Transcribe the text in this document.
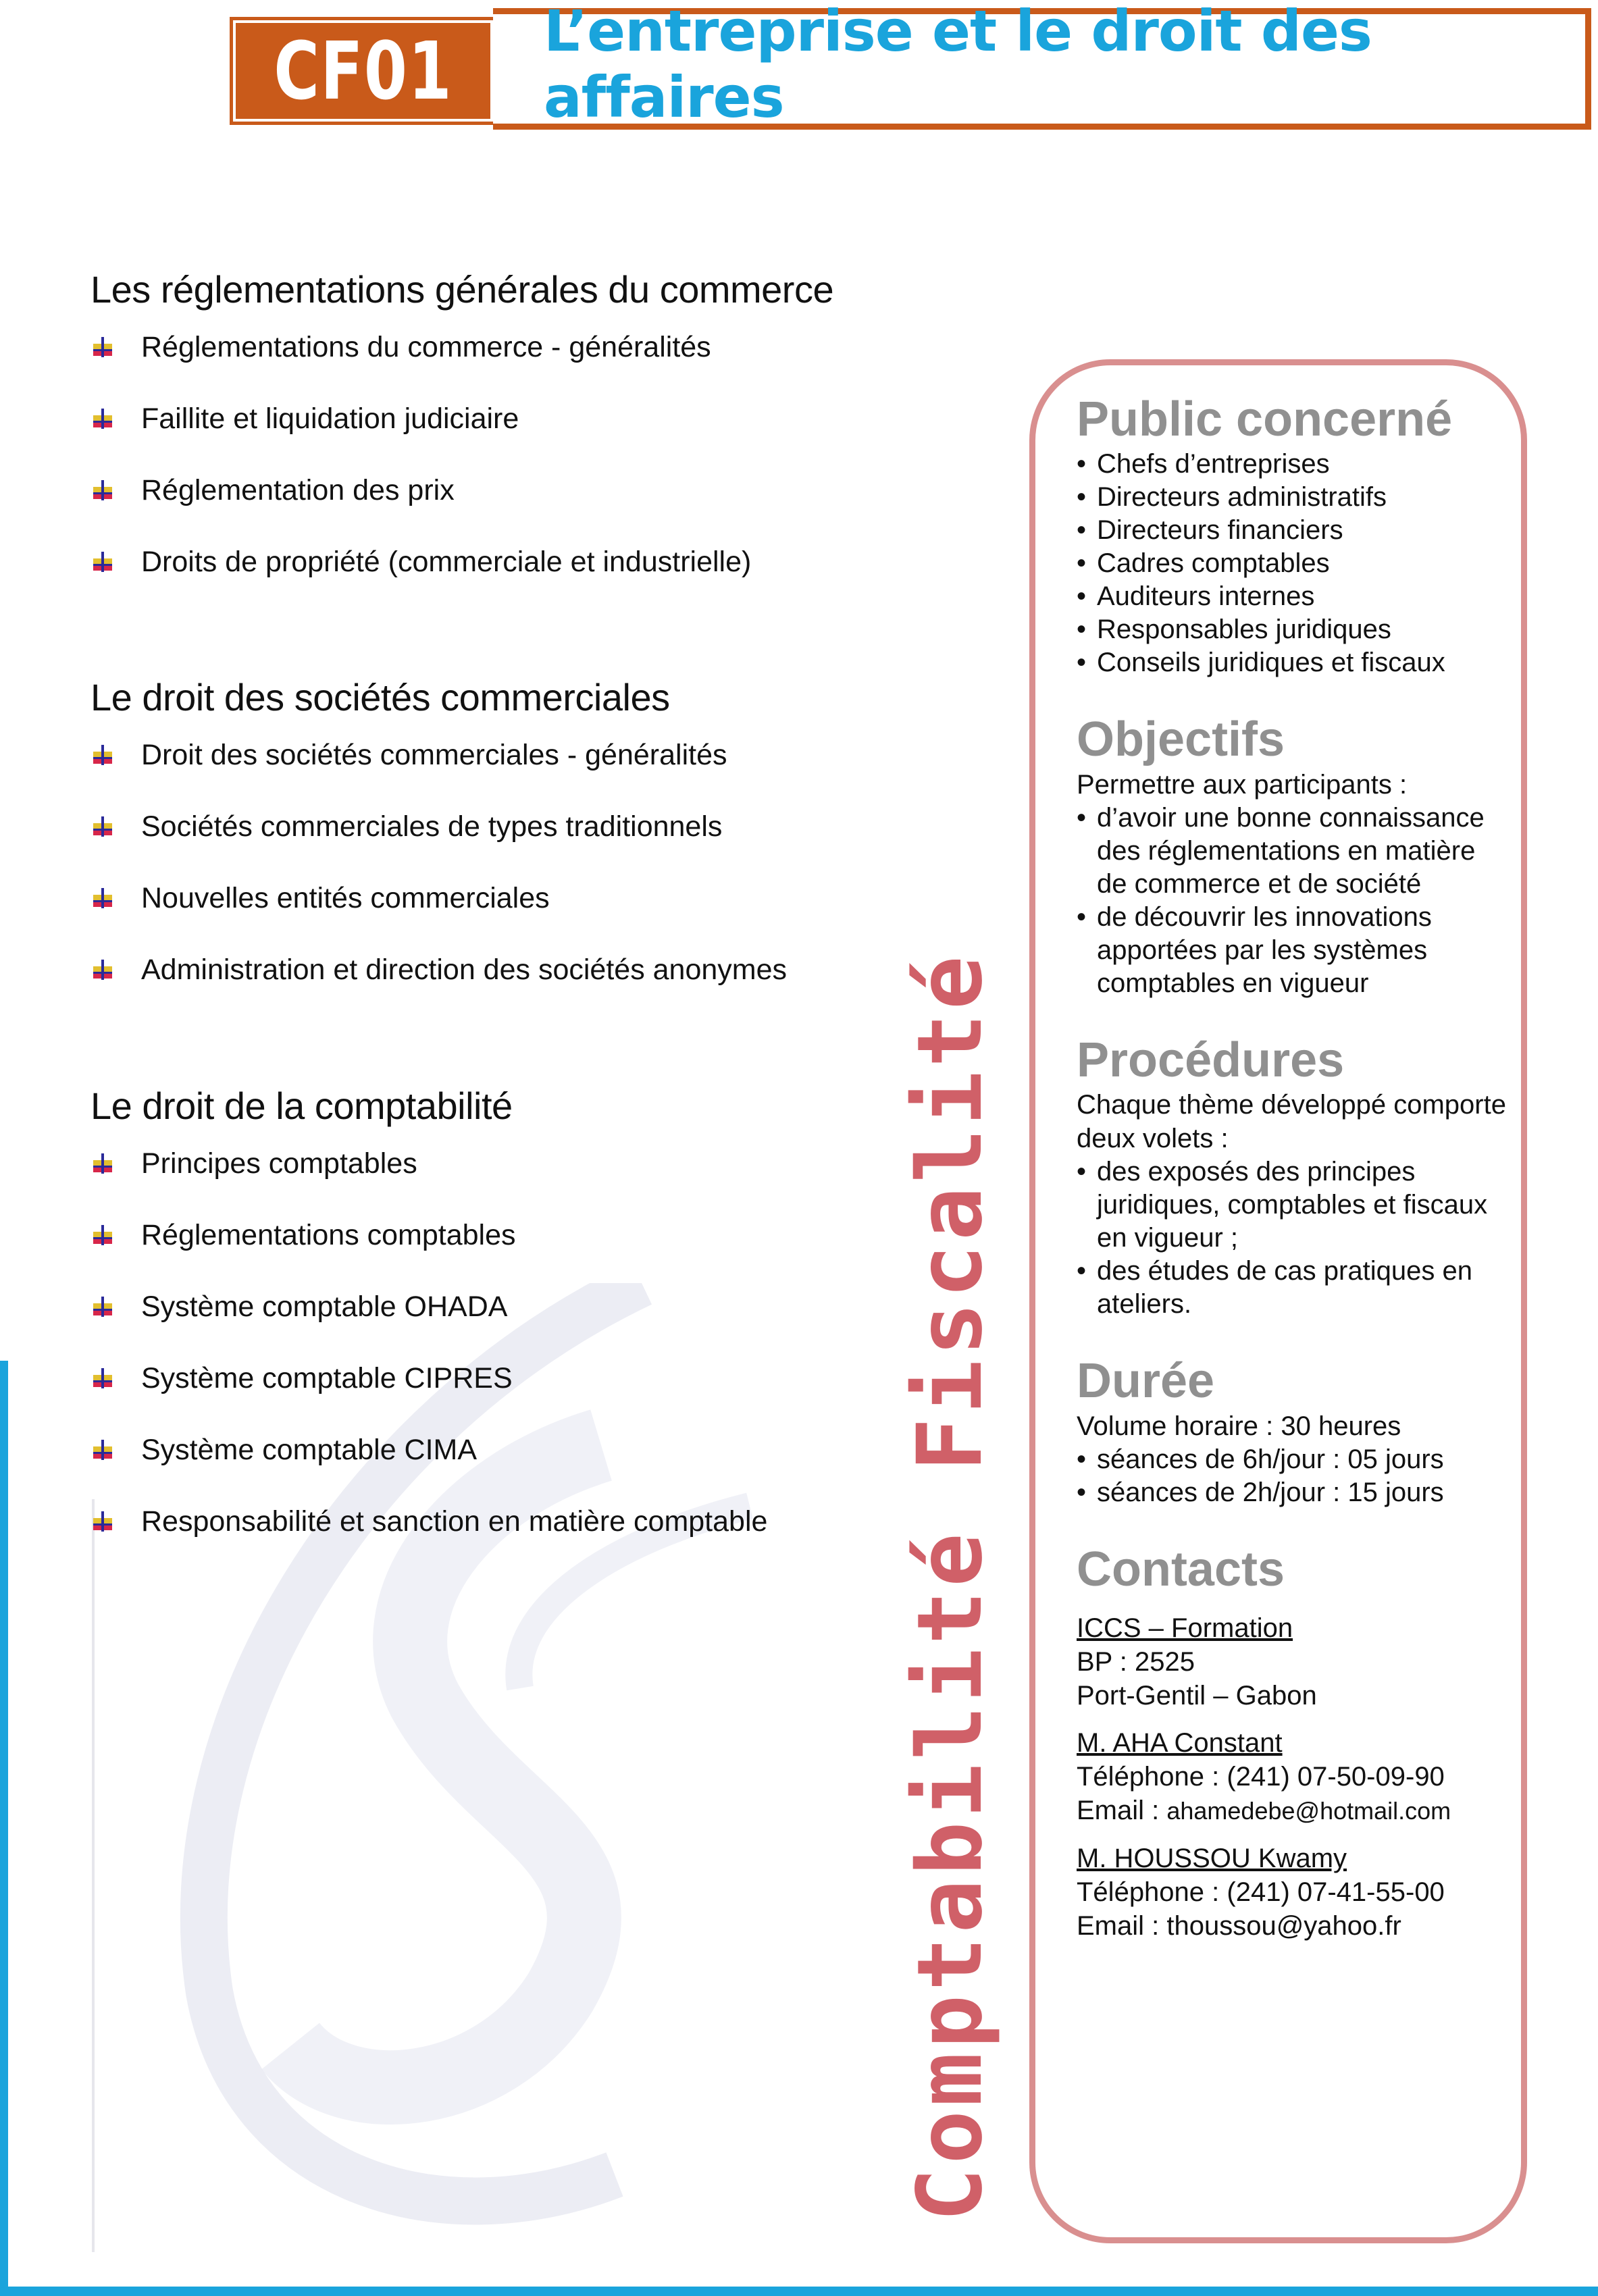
CF01 L’entreprise et le droit des affaires
Les réglementations générales du commerce
Réglementations du commerce - généralités
Faillite et liquidation judiciaire
Réglementation des prix
Droits de propriété (commerciale et industrielle)
Le droit des sociétés commerciales
Droit des sociétés commerciales - généralités
Sociétés commerciales de types traditionnels
Nouvelles entités commerciales
Administration et direction des sociétés anonymes
Le droit de la comptabilité
Principes comptables
Réglementations comptables
Système comptable OHADA
Système comptable CIPRES
Système comptable CIMA
Responsabilité et sanction en matière comptable	Comptabilité Fiscalité
Public concerné
• Chefs d’entreprises
• Directeurs administratifs
• Directeurs financiers
• Cadres comptables
• Auditeurs internes
• Responsables juridiques
• Conseils juridiques et fiscaux
Objectifs

Permettre aux participants :

• d’avoir une bonne connaissance des réglementations en matière de commerce et de société
• de découvrir les innovations apportées par les systèmes comptables en vigueur
Procédures

Chaque thème développé comporte deux volets :

• des exposés des principes juridiques, comptables et fiscaux en vigueur ;
• des études de cas pratiques en ateliers.
Durée

Volume horaire : 30 heures

• séances de 6h/jour : 05 jours
• séances de 2h/jour : 15 jours
Contacts

ICCS – Formation

BP : 2525

Port-Gentil – Gabon

M. AHA Constant

Téléphone : (241) 07-50-09-90

Email : ahamedebe@hotmail.com

M. HOUSSOU Kwamy

Téléphone : (241) 07-41-55-00

Email : thoussou@yahoo.fr
